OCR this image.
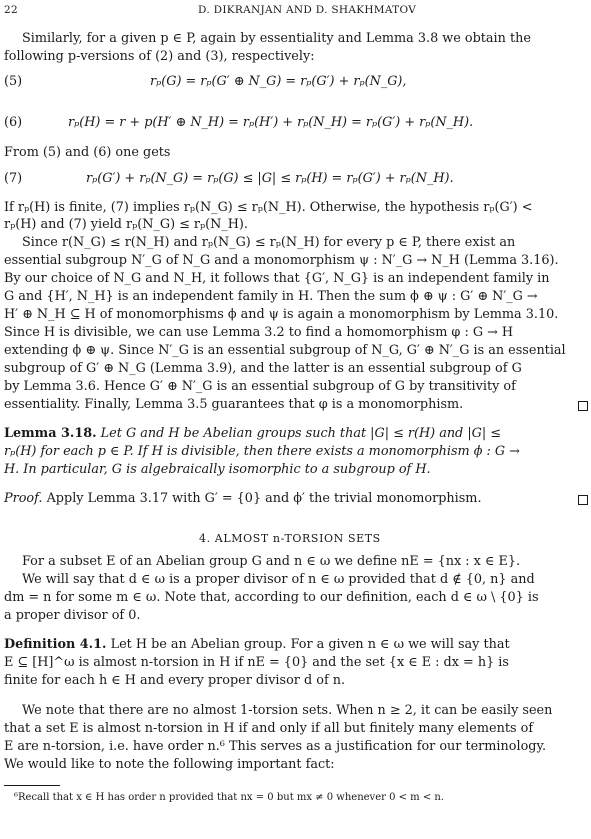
22	D. DIKRANJAN AND D. SHAKHMATOV
Similarly, for a given p ∈ P, again by essentiality and Lemma 3.8 we obtain the
following p-versions of (2) and (3), respectively:
(5)	rₚ(G) = rₚ(G′ ⊕ N_G) = rₚ(G′) + rₚ(N_G),
(6)	rₚ(H) = r + p(H′ ⊕ N_H) = rₚ(H′) + rₚ(N_H) = rₚ(G′) + rₚ(N_H).
From (5) and (6) one gets
(7)	rₚ(G′) + rₚ(N_G) = rₚ(G) ≤ |G| ≤ rₚ(H) = rₚ(G′) + rₚ(N_H).
If rₚ(H) is finite, (7) implies rₚ(N_G) ≤ rₚ(N_H). Otherwise, the hypothesis rₚ(G′) <
rₚ(H) and (7) yield rₚ(N_G) ≤ rₚ(N_H).
Since r(N_G) ≤ r(N_H) and rₚ(N_G) ≤ rₚ(N_H) for every p ∈ P, there exist an
essential subgroup N′_G of N_G and a monomorphism ψ : N′_G → N_H (Lemma 3.16).
By our choice of N_G and N_H, it follows that {G′, N_G} is an independent family in
G and {H′, N_H} is an independent family in H. Then the sum ϕ ⊕ ψ : G′ ⊕ N′_G →
H′ ⊕ N_H ⊆ H of monomorphisms ϕ and ψ is again a monomorphism by Lemma 3.10.
Since H is divisible, we can use Lemma 3.2 to find a homomorphism φ : G → H
extending ϕ ⊕ ψ. Since N′_G is an essential subgroup of N_G, G′ ⊕ N′_G is an essential
subgroup of G′ ⊕ N_G (Lemma 3.9), and the latter is an essential subgroup of G
by Lemma 3.6. Hence G′ ⊕ N′_G is an essential subgroup of G by transitivity of
essentiality. Finally, Lemma 3.5 guarantees that φ is a monomorphism.
Lemma 3.18. Let G and H be Abelian groups such that |G| ≤ r(H) and |G| ≤
rₚ(H) for each p ∈ P. If H is divisible, then there exists a monomorphism ϕ : G →
H. In particular, G is algebraically isomorphic to a subgroup of H.
Proof. Apply Lemma 3.17 with G′ = {0} and ϕ′ the trivial monomorphism.
4. ALMOST n-TORSION SETS
For a subset E of an Abelian group G and n ∈ ω we define nE = {nx : x ∈ E}.
We will say that d ∈ ω is a proper divisor of n ∈ ω provided that d ∉ {0, n} and
dm = n for some m ∈ ω. Note that, according to our definition, each d ∈ ω \ {0} is
a proper divisor of 0.
Definition 4.1. Let H be an Abelian group. For a given n ∈ ω we will say that
E ⊆ [H]^ω is almost n-torsion in H if nE = {0} and the set {x ∈ E : dx = h} is
finite for each h ∈ H and every proper divisor d of n.
We note that there are no almost 1-torsion sets. When n ≥ 2, it can be easily seen
that a set E is almost n-torsion in H if and only if all but finitely many elements of
E are n-torsion, i.e. have order n.⁶ This serves as a justification for our terminology.
We would like to note the following important fact:
⁶Recall that x ∈ H has order n provided that nx = 0 but mx ≠ 0 whenever 0 < m < n.
